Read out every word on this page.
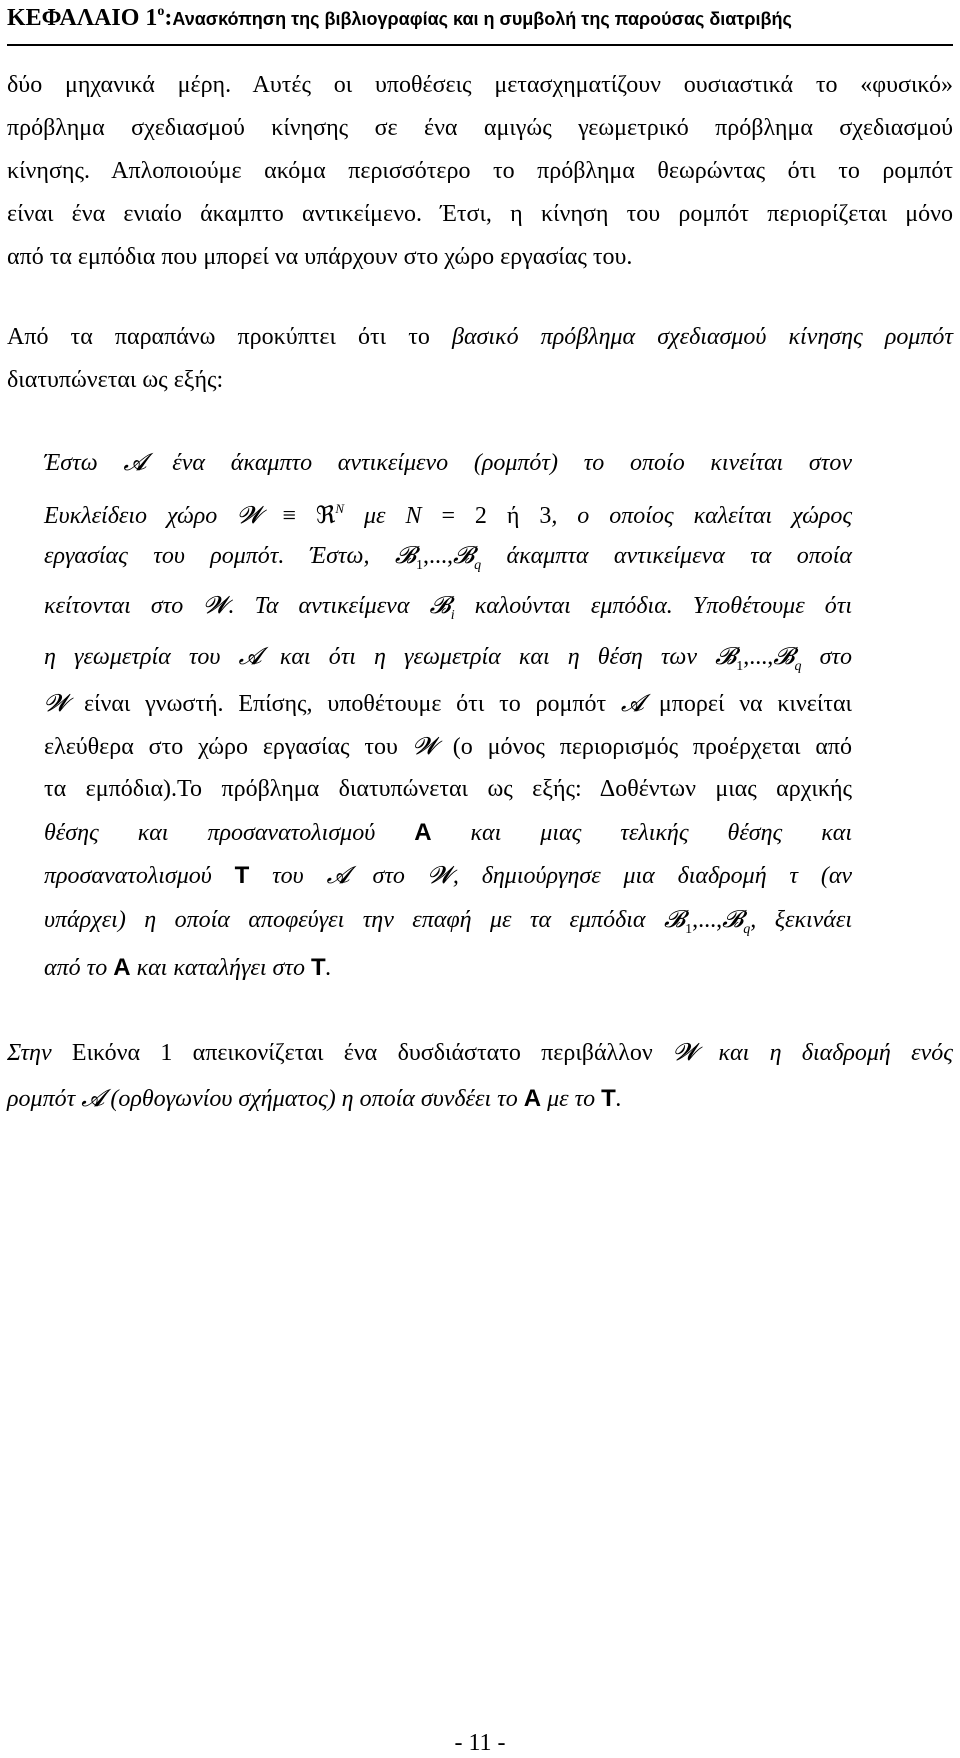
ΚΕΦΑΛΑΙΟ 1ο:Ανασκόπηση της βιβλιογραφίας και η συμβολή της παρούσας διατριβής
δύο μηχανικά μέρη. Αυτές οι υποθέσεις μετασχηματίζουν ουσιαστικά το «φυσικό»
πρόβλημα σχεδιασμού κίνησης σε ένα αμιγώς γεωμετρικό πρόβλημα σχεδιασμού
κίνησης. Απλοποιούμε ακόμα περισσότερο το πρόβλημα θεωρώντας ότι το ρομπότ
είναι ένα ενιαίο άκαμπτο αντικείμενο. Έτσι, η κίνηση του ρομπότ περιορίζεται μόνο
από τα εμπόδια που μπορεί να υπάρχουν στο χώρο εργασίας του.
Από τα παραπάνω προκύπτει ότι το βασικό πρόβλημα σχεδιασμού κίνησης ρομπότ
διατυπώνεται ως εξής:
Έστω 𝓐 ένα άκαμπτο αντικείμενο (ρομπότ) το οποίο κινείται στον
Ευκλείδειο χώρο 𝓦 ≡ ℜ$^N$ με N = 2 ή 3, ο οποίος καλείται χώρος
εργασίας του ρομπότ. Έστω, 𝓑$_1$,...,𝓑$_q$ άκαμπτα αντικείμενα τα οποία
κείτονται στο 𝓦. Τα αντικείμενα 𝓑$_i$ καλούνται εμπόδια. Υποθέτουμε ότι
η γεωμετρία του 𝓐 και ότι η γεωμετρία και η θέση των 𝓑$_1$,...,𝓑$_q$ στο
𝓦 είναι γνωστή. Επίσης, υποθέτουμε ότι το ρομπότ 𝓐 μπορεί να κινείται
ελεύθερα στο χώρο εργασίας του 𝓦 (ο μόνος περιορισμός προέρχεται από
τα εμπόδια).Το πρόβλημα διατυπώνεται ως εξής: Δοθέντων μιας αρχικής
θέσης και προσανατολισμού A και μιας τελικής θέσης και
προσανατολισμού T του 𝓐 στο 𝓦, δημιούργησε μια διαδρομή τ (αν
υπάρχει) η οποία αποφεύγει την επαφή με τα εμπόδια 𝓑$_1$,...,𝓑$_q$, ξεκινάει
από το A και καταλήγει στο T.
Στην Εικόνα 1 απεικονίζεται ένα δυσδιάστατο περιβάλλον 𝓦 και η διαδρομή ενός
ρομπότ 𝓐 (ορθογωνίου σχήματος) η οποία συνδέει το A με το T.
- 11 -
